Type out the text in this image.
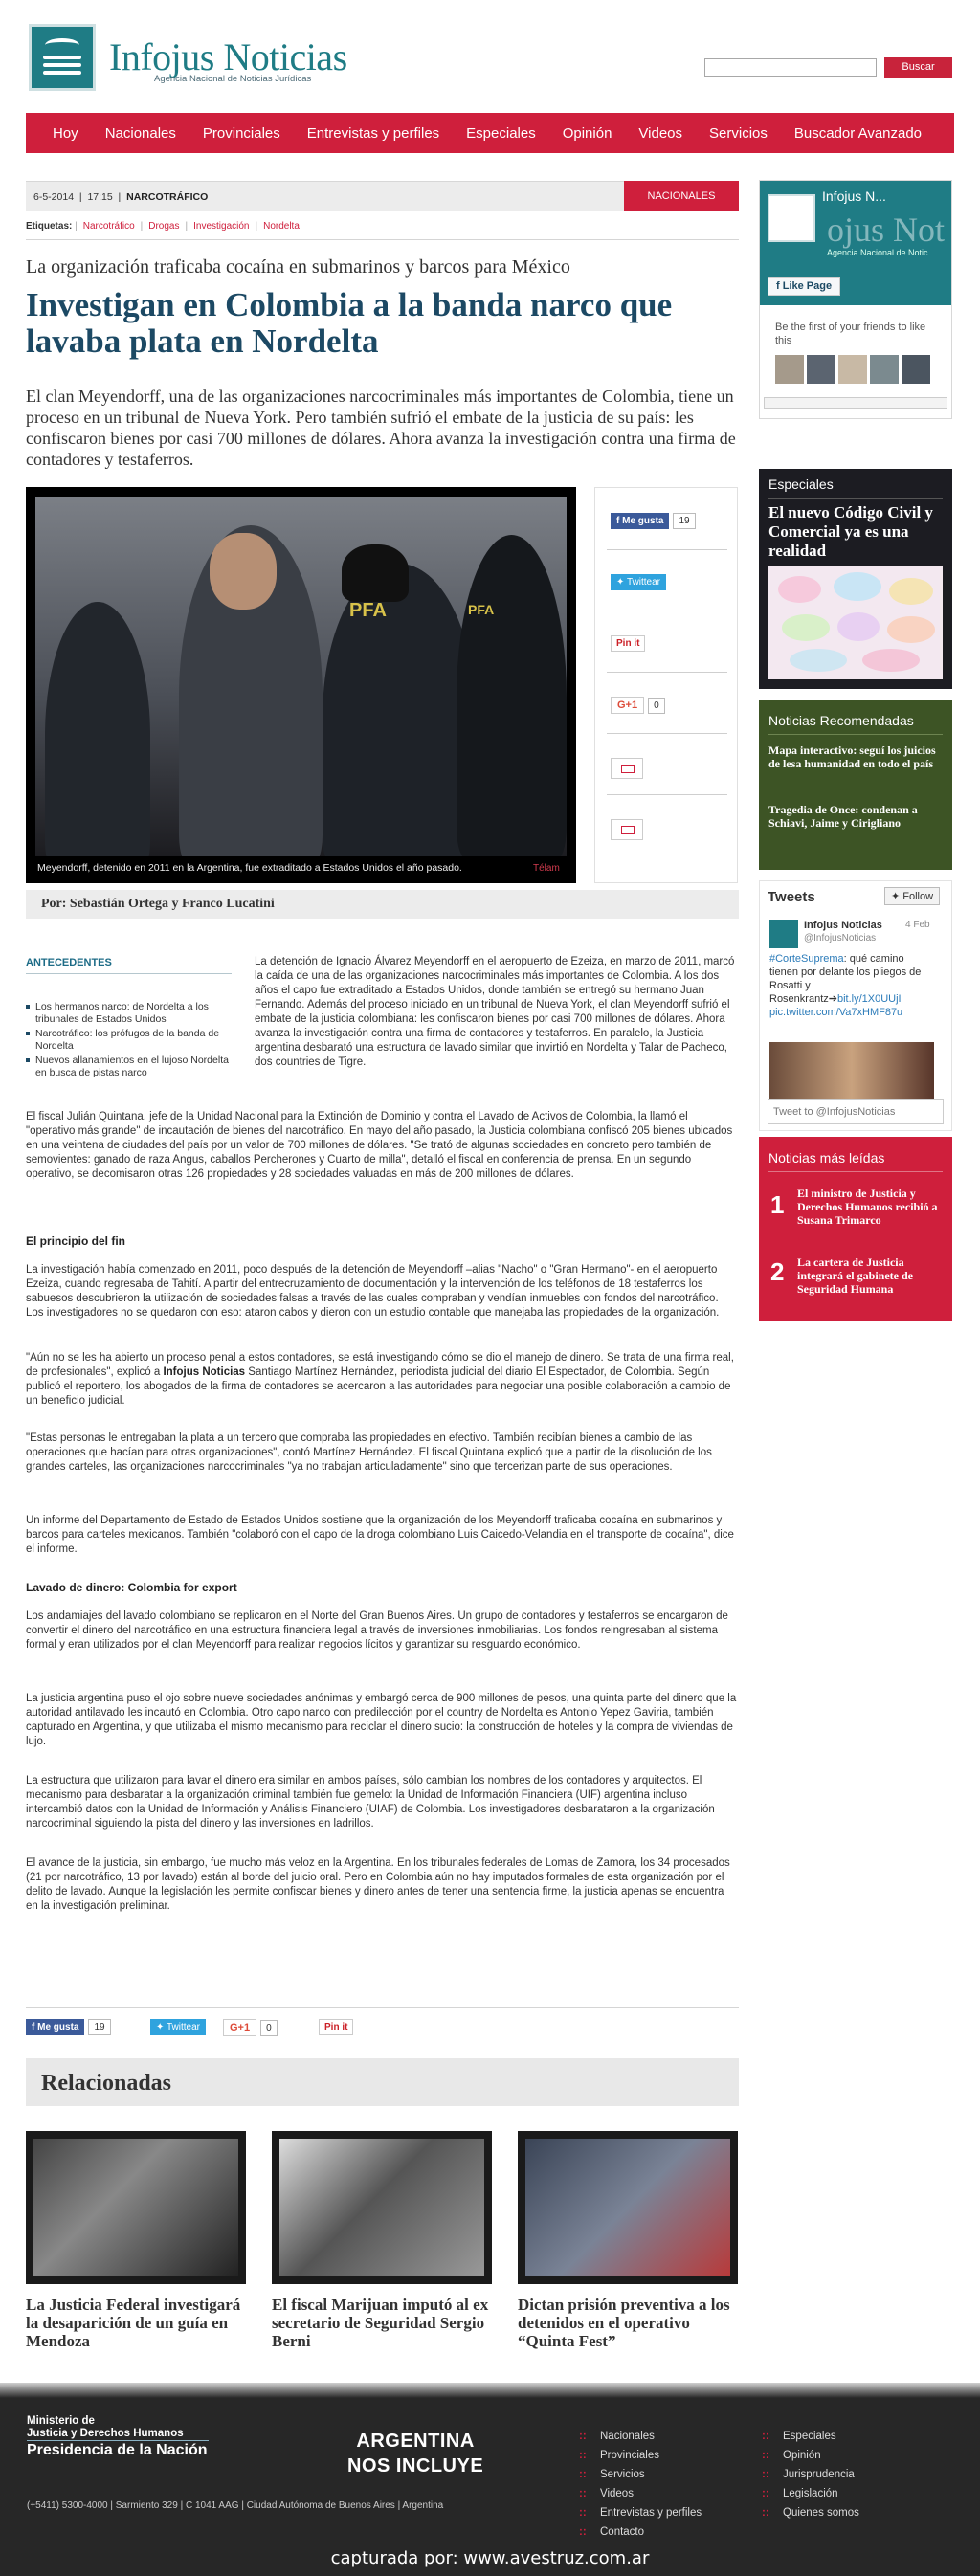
Infojus Noticias
Agencia Nacional de Noticias Jurídicas
Buscar
Hoy	Nacionales	Provinciales	Entrevistas y perfiles	Especiales	Opinión	Videos	Servicios	Buscador Avanzado
6-5-2014  |  17:15  |  NARCOTRÁFICO	NACIONALES
Etiquetas: | Narcotráfico | Drogas | Investigación | Nordelta
La organización traficaba cocaína en submarinos y barcos para México
Investigan en Colombia a la banda narco que lavaba plata en Nordelta
El clan Meyendorff, una de las organizaciones narcocriminales más importantes de Colombia, tiene un proceso en un tribunal de Nueva York. Pero también sufrió el embate de la justicia de su país: les confiscaron bienes por casi 700 millones de dólares. Ahora avanza la investigación contra una firma de contadores y testaferros.
PFA	PFA
Meyendorff, detenido en 2011 en la Argentina, fue extraditado a Estados Unidos el año pasado.	Télam
f Me gusta 19
✦ Twittear
Pin it
G+1 0
Por: Sebastián Ortega y Franco Lucatini
ANTECEDENTES
Los hermanos narco: de Nordelta a los tribunales de Estados Unidos
Narcotráfico: los prófugos de la banda de Nordelta
Nuevos allanamientos en el lujoso Nordelta en busca de pistas narco
La detención de Ignacio Álvarez Meyendorff en el aeropuerto de Ezeiza, en marzo de 2011, marcó la caída de una de las organizaciones narcocriminales más importantes de Colombia. A los dos años el capo fue extraditado a Estados Unidos, donde también se entregó su hermano Juan Fernando. Además del proceso iniciado en un tribunal de Nueva York, el clan Meyendorff sufrió el embate de la justicia colombiana: les confiscaron bienes por casi 700 millones de dólares. Ahora avanza la investigación contra una firma de contadores y testaferros. En paralelo, la Justicia argentina desbarató una estructura de lavado similar que invirtió en Nordelta y Talar de Pacheco, dos countries de Tigre.
El fiscal Julián Quintana, jefe de la Unidad Nacional para la Extinción de Dominio y contra el Lavado de Activos de Colombia, la llamó el "operativo más grande" de incautación de bienes del narcotráfico. En mayo del año pasado, la Justicia colombiana confiscó 205 bienes ubicados en una veintena de ciudades del país por un valor de 700 millones de dólares. "Se trató de algunas sociedades en concreto pero también de semovientes: ganado de raza Angus, caballos Percherones y Cuarto de milla", detalló el fiscal en conferencia de prensa. En un segundo operativo, se decomisaron otras 126 propiedades y 28 sociedades valuadas en más de 200 millones de dólares.
El principio del fin
La investigación había comenzado en 2011, poco después de la detención de Meyendorff –alias "Nacho" o "Gran Hermano"- en el aeropuerto Ezeiza, cuando regresaba de Tahití. A partir del entrecruzamiento de documentación y la intervención de los teléfonos de 18 testaferros los sabuesos descubrieron la utilización de sociedades falsas a través de las cuales compraban y vendían inmuebles con fondos del narcotráfico. Los investigadores no se quedaron con eso: ataron cabos y dieron con un estudio contable que manejaba las propiedades de la organización.
"Aún no se les ha abierto un proceso penal a estos contadores, se está investigando cómo se dio el manejo de dinero. Se trata de una firma real, de profesionales", explicó a Infojus Noticias Santiago Martínez Hernández, periodista judicial del diario El Espectador, de Colombia. Según publicó el reportero, los abogados de la firma de contadores se acercaron a las autoridades para negociar una posible colaboración a cambio de un beneficio judicial.
"Estas personas le entregaban la plata a un tercero que compraba las propiedades en efectivo. También recibían bienes a cambio de las operaciones que hacían para otras organizaciones", contó Martínez Hernández. El fiscal Quintana explicó que a partir de la disolución de los grandes carteles, las organizaciones narcocriminales "ya no trabajan articuladamente" sino que tercerizan parte de sus operaciones.
Un informe del Departamento de Estado de Estados Unidos sostiene que la organización de los Meyendorff traficaba cocaína en submarinos y barcos para carteles mexicanos. También "colaboró con el capo de la droga colombiano Luis Caicedo-Velandia en el transporte de cocaína", dice el informe.
Lavado de dinero: Colombia for export
Los andamiajes del lavado colombiano se replicaron en el Norte del Gran Buenos Aires. Un grupo de contadores y testaferros se encargaron de convertir el dinero del narcotráfico en una estructura financiera legal a través de inversiones inmobiliarias. Los fondos reingresaban al sistema formal y eran utilizados por el clan Meyendorff para realizar negocios lícitos y garantizar su resguardo económico.
La justicia argentina puso el ojo sobre nueve sociedades anónimas y embargó cerca de 900 millones de pesos, una quinta parte del dinero que la autoridad antilavado les incautó en Colombia. Otro capo narco con predilección por el country de Nordelta es Antonio Yepez Gaviria, también capturado en Argentina, y que utilizaba el mismo mecanismo para reciclar el dinero sucio: la construcción de hoteles y la compra de viviendas de lujo.
La estructura que utilizaron para lavar el dinero era similar en ambos países, sólo cambian los nombres de los contadores y arquitectos. El mecanismo para desbaratar a la organización criminal también fue gemelo: la Unidad de Información Financiera (UIF) argentina incluso intercambió datos con la Unidad de Información y Análisis Financiero (UIAF) de Colombia. Los investigadores desbarataron a la organización narcocriminal siguiendo la pista del dinero y las inversiones en ladrillos.
El avance de la justicia, sin embargo, fue mucho más veloz en la Argentina. En los tribunales federales de Lomas de Zamora, los 34 procesados (21 por narcotráfico, 13 por lavado) están al borde del juicio oral. Pero en Colombia aún no hay imputados formales de esta organización por el delito de lavado. Aunque la legislación les permite confiscar bienes y dinero antes de tener una sentencia firme, la justicia apenas se encuentra en la investigación preliminar.
f Me gusta 19	✦ Twittear	G+1 0	Pin it
Relacionadas
La Justicia Federal investigará la desaparición de un guía en Mendoza
El fiscal Marijuan imputó al ex secretario de Seguridad Sergio Berni
Dictan prisión preventiva a los detenidos en el operativo “Quinta Fest”
Infojus N...
ojus Not
Agencia Nacional de Notic
f Like Page
Be the first of your friends to like this
Especiales
El nuevo Código Civil y Comercial ya es una realidad
Noticias Recomendadas
Mapa interactivo: seguí los juicios de lesa humanidad en todo el país
Tragedia de Once: condenan a Schiavi, Jaime y Cirigliano
Tweets	✦ Follow
Infojus Noticias
@InfojusNoticias
4 Feb
#CorteSuprema: qué camino tienen por delante los pliegos de Rosatti y Rosenkrantz➔bit.ly/1X0UUjI
pic.twitter.com/Va7xHMF87u
Tweet to @InfojusNoticias
Noticias más leídas
1 El ministro de Justicia y Derechos Humanos recibió a Susana Trimarco
2 La cartera de Justicia integrará el gabinete de Seguridad Humana
Ministerio de
Justicia y Derechos Humanos
Presidencia de la Nación
(+5411) 5300-4000 | Sarmiento 329 | C 1041 AAG | Ciudad Autónoma de Buenos Aires | Argentina
ARGENTINA
NOS INCLUYE
:: Nacionales
:: Provinciales
:: Servicios
:: Videos
:: Entrevistas y perfiles
:: Contacto
:: Especiales
:: Opinión
:: Jurisprudencia
:: Legislación
:: Quienes somos
capturada por: www.avestruz.com.ar
